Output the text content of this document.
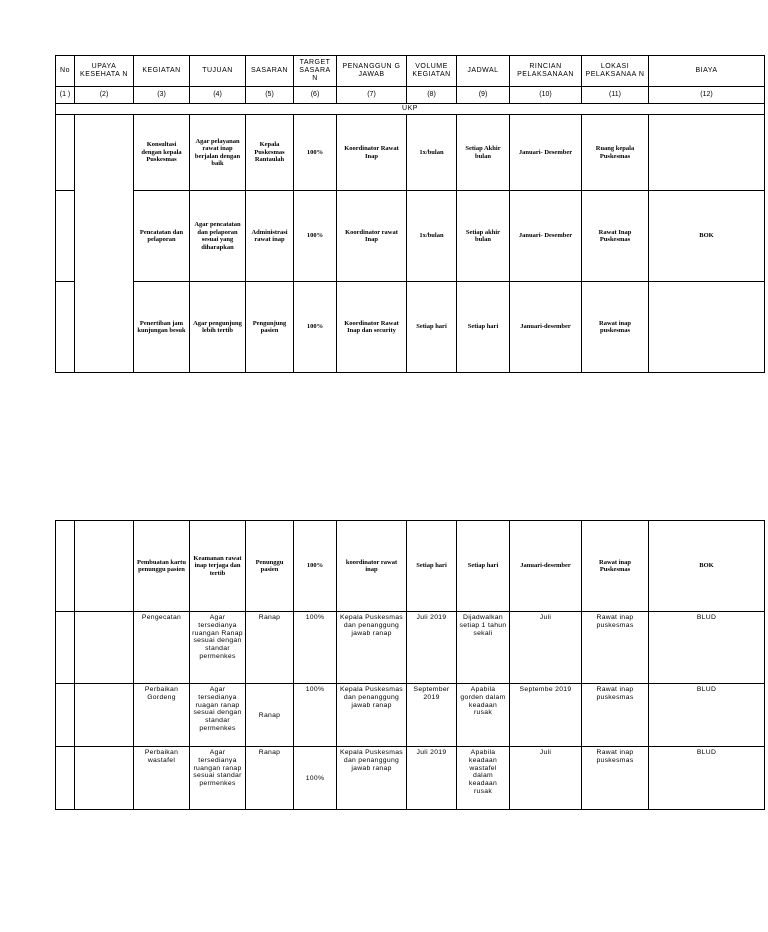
No	UPAYA KESEHATA N	KEGIATAN	TUJUAN	SASARAN	TARGET SASARA N	PENANGGUN G JAWAB	VOLUME KEGIATAN	JADWAL	RINCIAN PELAKSANAAN	LOKASI PELAKSANAA N	BIAYA
(1 )	(2)	(3)	(4)	(5)	(6)	(7)	(8)	(9)	(10)	(11)	(12)
UKP											
		Konsultasi dengan kepala Puskesmas	Agar pelayanan rawat inap berjalan dengan baik	Kepala Puskesmas Rantaulah	100%	Koordinator Rawat Inap	1x/bulan	Setiap Akhir bulan	Januari- Desember	Ruang kepala Puskesmas	
		Pencatatan dan pelaporan	Agar pencatatan dan pelaporan sesuai yang diharapkan	Administrasi rawat inap	100%	Koordinator rawat Inap	1x/bulan	Setiap akhir bulan	Januari- Desember	Rawat Inap Puskesmas	BOK
		Penertiban jam kunjungan besuk	Agar pengunjung lebih tertib	Pengunjung pasien	100%	Koordinator Rawat Inap dan security	Setiap hari	Setiap hari	Januari-desember	Rawat inap puskesmas	
		Pembuatan kartu penunggu pasien	Keamanan rawat inap terjaga dan tertib	Penunggu pasien	100%	koordinator rawat inap	Setiap hari	Setiap hari	Januari-desember	Rawat inap Puskesmas	BOK
		Pengecatan	Agar tersedianya ruangan Ranap sesuai dengan standar permenkes	Ranap	100%	Kepala Puskesmas dan penanggung jawab ranap	Juli 2019	Dijadwalkan setiap 1 tahun sekali	Juli	Rawat inap puskesmas	BLUD
		Perbaikan Gordeng	Agar tersedianya ruagan ranap sesuai dengan standar permenkes	Ranap	100%	Kepala Puskesmas dan penanggung jawab ranap	September 2019	Apabila gorden dalam keadaan rusak	Septembe 2019	Rawat inap puskesmas	BLUD
		Perbaikan wastafel	Agar tersedianya ruangan ranap sesuai standar permenkes	Ranap	100%	Kepala Puskesmas dan penanggung jawab ranap	Juli 2019	Apabila keadaan wastafel dalam keadaan rusak	Juli	Rawat inap puskesmas	BLUD
